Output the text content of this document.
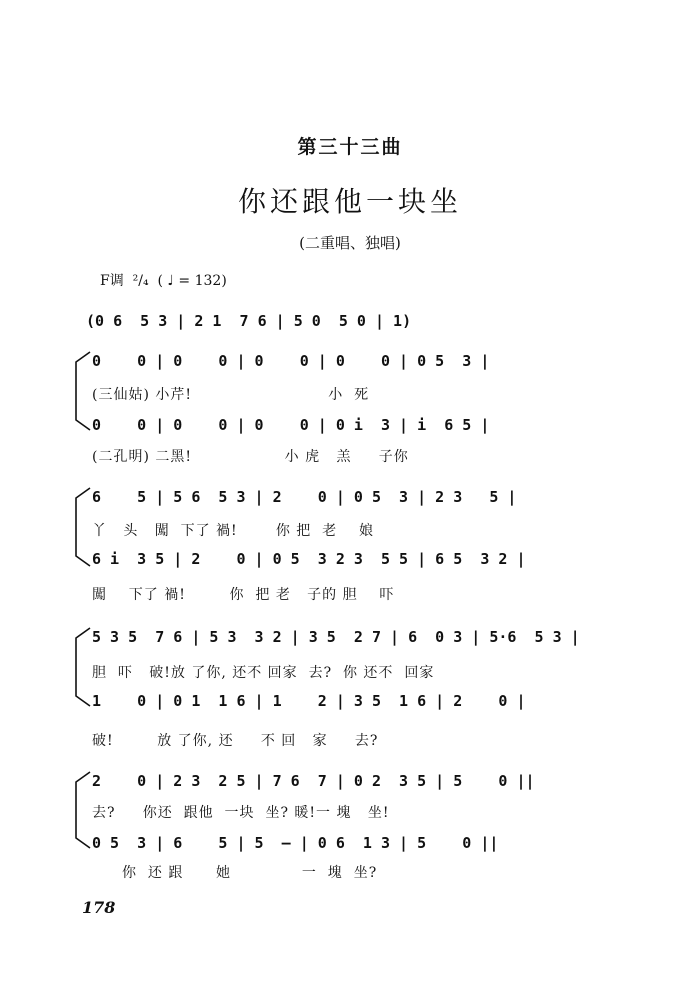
第三十三曲
你还跟他一块坐
(二重唱、独唱)
F调  ²/₄  ( ♩ = 132)
(0 6  5 3 | 2 1  7 6 | 5 0  5 0 | 1)
0    0 | 0    0 | 0    0 | 0    0 | 0 5  3 |
(三仙姑) 小芹!                         小  死
0    0 | 0    0 | 0    0 | 0 i  3 | i  6 5 |
(二孔明) 二黑!                 小 虎   羔     子你
6    5 | 5 6  5 3 | 2    0 | 0 5  3 | 2 3   5 |
丫   头   闖  下了 禍!       你 把  老    娘
6 i  3 5 | 2    0 | 0 5  3 2 3  5 5 | 6 5  3 2 |
闖    下了 禍!        你  把 老   子的 胆    吓
5 3 5  7 6 | 5 3  3 2 | 3 5  2 7 | 6  0 3 | 5·6  5 3 |
胆  吓   破!放 了你, 还不 回家  去?  你 还不  回家
1    0 | 0 1  1 6 | 1    2 | 3 5  1 6 | 2    0 |
破!        放 了你, 还     不 回   家     去?
2    0 | 2 3  2 5 | 7 6  7 | 0 2  3 5 | 5    0 ||
去?     你还  跟他  一块  坐? 暖!一 塊   坐!
0 5  3 | 6    5 | 5  — | 0 6  1 3 | 5    0 ||
你  还 跟      她             一  塊  坐?
178
